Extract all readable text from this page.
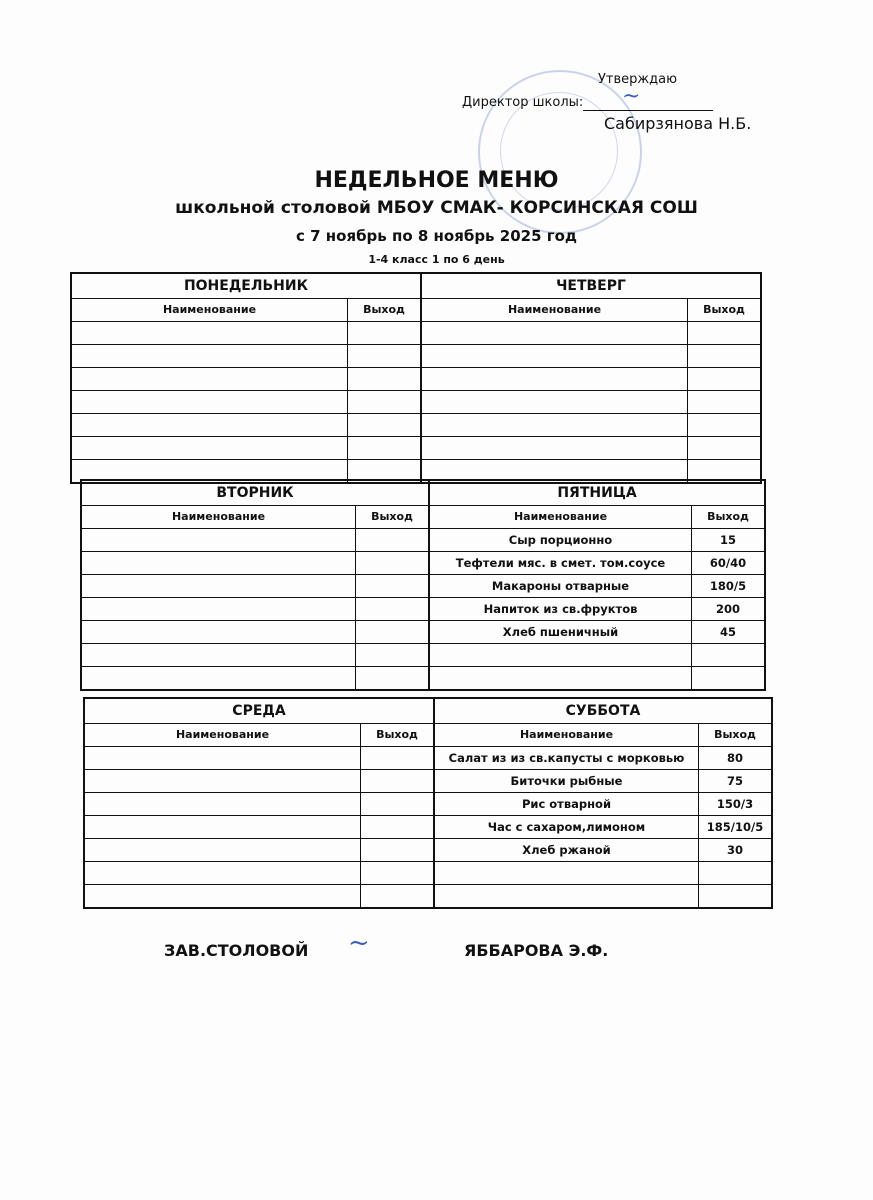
Утверждаю
Директор школы: ~
Сабирзянова Н.Б.
НЕДЕЛЬНОЕ МЕНЮ
школьной столовой МБОУ СМАК- КОРСИНСКАЯ СОШ
с 7 ноябрь по 8 ноябрь 2025 год
1-4 класс 1 по 6 день
ПОНЕДЕЛЬНИК
Наименование	Выход
ЧЕТВЕРГ
Наименование	Выход
ВТОРНИК
Наименование	Выход
ПЯТНИЦА
Наименование	Выход
Сыр порционно	15
Тефтели мяс. в смет. том.соусе	60/40
Макароны отварные	180/5
Напиток из св.фруктов	200
Хлеб пшеничный	45
СРЕДА
Наименование	Выход
СУББОТА
Наименование	Выход
Салат из из св.капусты с морковью	80
Биточки рыбные	75
Рис отварной	150/3
Час с сахаром,лимоном	185/10/5
Хлеб ржаной	30
ЗАВ.СТОЛОВОЙ ~	ЯББАРОВА Э.Ф.
